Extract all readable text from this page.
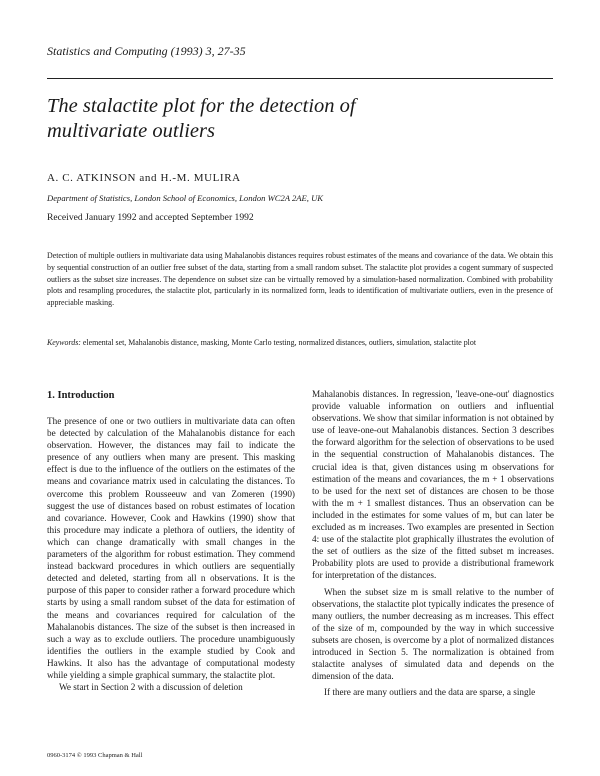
Statistics and Computing (1993) 3, 27-35
The stalactite plot for the detection of
multivariate outliers
A. C. ATKINSON and H.-M. MULIRA
Department of Statistics, London School of Economics, London WC2A 2AE, UK
Received January 1992 and accepted September 1992
Detection of multiple outliers in multivariate data using Mahalanobis distances requires robust estimates of the means and covariance of the data. We obtain this by sequential construction of an outlier free subset of the data, starting from a small random subset. The stalactite plot provides a cogent summary of suspected outliers as the subset size increases. The dependence on subset size can be virtually removed by a simulation-based normalization. Combined with probability plots and resampling procedures, the stalactite plot, particularly in its normalized form, leads to identification of multivariate outliers, even in the presence of appreciable masking.
Keywords: elemental set, Mahalanobis distance, masking, Monte Carlo testing, normalized distances, outliers, simulation, stalactite plot
1. Introduction

The presence of one or two outliers in multivariate data can often be detected by calculation of the Mahalanobis distance for each observation. However, the distances may fail to indicate the presence of any outliers when many are present. This masking effect is due to the influence of the outliers on the estimates of the means and covariance matrix used in calculating the distances. To overcome this problem Rousseeuw and van Zomeren (1990) suggest the use of distances based on robust estimates of location and covariance. However, Cook and Hawkins (1990) show that this procedure may indicate a plethora of outliers, the identity of which can change dramatically with small changes in the parameters of the algorithm for robust estimation. They commend instead backward procedures in which outliers are sequentially detected and deleted, starting from all n observations. It is the purpose of this paper to consider rather a forward procedure which starts by using a small random subset of the data for estimation of the means and covariances required for calculation of the Mahalanobis distances. The size of the subset is then increased in such a way as to exclude outliers. The procedure unambiguously identifies the outliers in the example studied by Cook and Hawkins. It also has the advantage of computational modesty while yielding a simple graphical summary, the stalactite plot.

We start in Section 2 with a discussion of deletion

Mahalanobis distances. In regression, 'leave-one-out' diagnostics provide valuable information on outliers and influential observations. We show that similar information is not obtained by use of leave-one-out Mahalanobis distances. Section 3 describes the forward algorithm for the selection of observations to be used in the sequential construction of Mahalanobis distances. The crucial idea is that, given distances using m observations for estimation of the means and covariances, the m + 1 observations to be used for the next set of distances are chosen to be those with the m + 1 smallest distances. Thus an observation can be included in the estimates for some values of m, but can later be excluded as m increases. Two examples are presented in Section 4: use of the stalactite plot graphically illustrates the evolution of the set of outliers as the size of the fitted subset m increases. Probability plots are used to provide a distributional framework for interpretation of the distances.

When the subset size m is small relative to the number of observations, the stalactite plot typically indicates the presence of many outliers, the number decreasing as m increases. This effect of the size of m, compounded by the way in which successive subsets are chosen, is overcome by a plot of normalized distances introduced in Section 5. The normalization is obtained from stalactite analyses of simulated data and depends on the dimension of the data.

If there are many outliers and the data are sparse, a single

0960-3174 © 1993 Chapman & Hall
